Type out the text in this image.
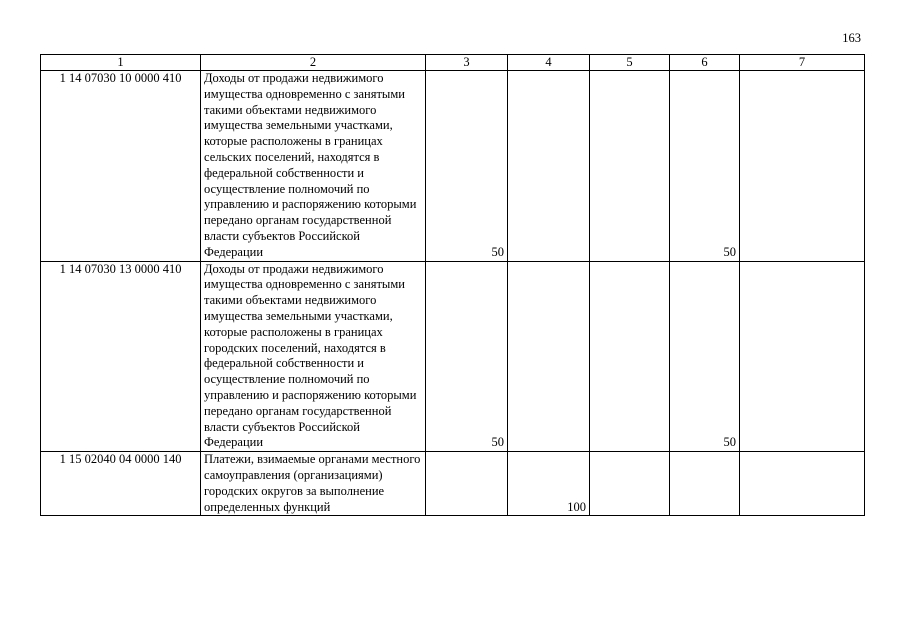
163
1	2	3	4	5	6	7
1 14 07030 10 0000 410	Доходы от продажи недвижимого имущества одновременно с занятыми такими объектами недвижимого имущества земельными участками, которые расположены в границах сельских поселений, находятся в федеральной собственности и осуществление полномочий по управлению и распоряжению которыми передано органам государственной власти субъектов Российской Федерации	50			50	
1 14 07030 13 0000 410	Доходы от продажи недвижимого имущества одновременно с занятыми такими объектами недвижимого имущества земельными участками, которые расположены в границах городских поселений, находятся в федеральной собственности и осуществление полномочий по управлению и распоряжению которыми передано органам государственной власти субъектов Российской Федерации	50			50	
1 15 02040 04 0000 140	Платежи, взимаемые органами местного самоуправления (организациями) городских округов за выполнение определенных функций		100			
